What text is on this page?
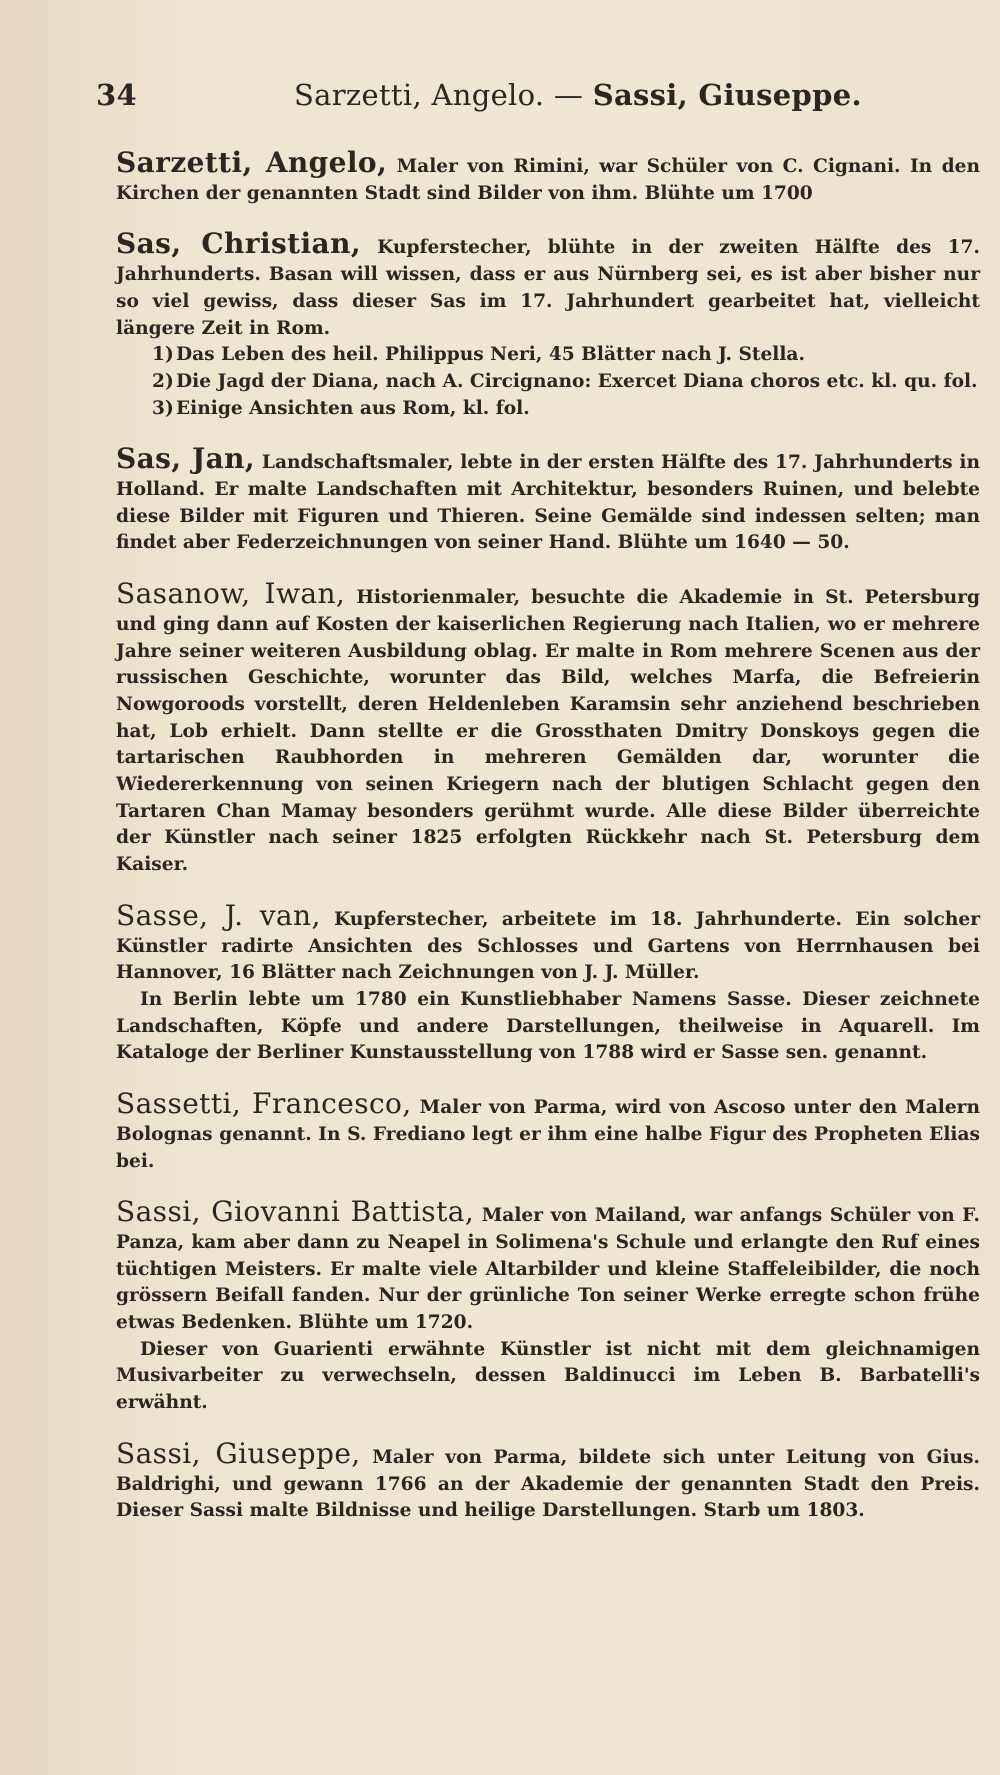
34	Sarzetti, Angelo. — Sassi, Giuseppe.
Sarzetti, Angelo, Maler von Rimini, war Schüler von C. Cignani. In den Kirchen der genannten Stadt sind Bilder von ihm. Blühte um 1700

Sas, Christian, Kupferstecher, blühte in der zweiten Hälfte des 17. Jahrhunderts. Basan will wissen, dass er aus Nürnberg sei, es ist aber bisher nur so viel gewiss, dass dieser Sas im 17. Jahrhundert gearbeitet hat, vielleicht längere Zeit in Rom.

1) Das Leben des heil. Philippus Neri, 45 Blätter nach J. Stella.

2) Die Jagd der Diana, nach A. Circignano: Exercet Diana choros etc. kl. qu. fol.

3) Einige Ansichten aus Rom, kl. fol.

Sas, Jan, Landschaftsmaler, lebte in der ersten Hälfte des 17. Jahrhunderts in Holland. Er malte Landschaften mit Architektur, besonders Ruinen, und belebte diese Bilder mit Figuren und Thieren. Seine Gemälde sind indessen selten; man findet aber Federzeichnungen von seiner Hand. Blühte um 1640 — 50.
Sasanow, Iwan, Historienmaler, besuchte die Akademie in St. Petersburg und ging dann auf Kosten der kaiserlichen Regierung nach Italien, wo er mehrere Jahre seiner weiteren Ausbildung oblag. Er malte in Rom mehrere Scenen aus der russischen Geschichte, worunter das Bild, welches Marfa, die Befreierin Nowgoroods vorstellt, deren Heldenleben Karamsin sehr anziehend beschrieben hat, Lob erhielt. Dann stellte er die Grossthaten Dmitry Donskoys gegen die tartarischen Raubhorden in mehreren Gemälden dar, worunter die Wiedererkennung von seinen Kriegern nach der blutigen Schlacht gegen den Tartaren Chan Mamay besonders gerühmt wurde. Alle diese Bilder überreichte der Künstler nach seiner 1825 erfolgten Rückkehr nach St. Petersburg dem Kaiser.

Sasse, J. van, Kupferstecher, arbeitete im 18. Jahrhunderte. Ein solcher Künstler radirte Ansichten des Schlosses und Gartens von Herrnhausen bei Hannover, 16 Blätter nach Zeichnungen von J. J. Müller.

In Berlin lebte um 1780 ein Kunstliebhaber Namens Sasse. Dieser zeichnete Landschaften, Köpfe und andere Darstellungen, theilweise in Aquarell. Im Kataloge der Berliner Kunstausstellung von 1788 wird er Sasse sen. genannt.

Sassetti, Francesco, Maler von Parma, wird von Ascoso unter den Malern Bolognas genannt. In S. Frediano legt er ihm eine halbe Figur des Propheten Elias bei.

Sassi, Giovanni Battista, Maler von Mailand, war anfangs Schüler von F. Panza, kam aber dann zu Neapel in Solimena's Schule und erlangte den Ruf eines tüchtigen Meisters. Er malte viele Altarbilder und kleine Staffeleibilder, die noch grössern Beifall fanden. Nur der grünliche Ton seiner Werke erregte schon frühe etwas Bedenken. Blühte um 1720.

Dieser von Guarienti erwähnte Künstler ist nicht mit dem gleichnamigen Musivarbeiter zu verwechseln, dessen Baldinucci im Leben B. Barbatelli's erwähnt.

Sassi, Giuseppe, Maler von Parma, bildete sich unter Leitung von Gius. Baldrighi, und gewann 1766 an der Akademie der genannten Stadt den Preis. Dieser Sassi malte Bildnisse und heilige Darstellungen. Starb um 1803.
